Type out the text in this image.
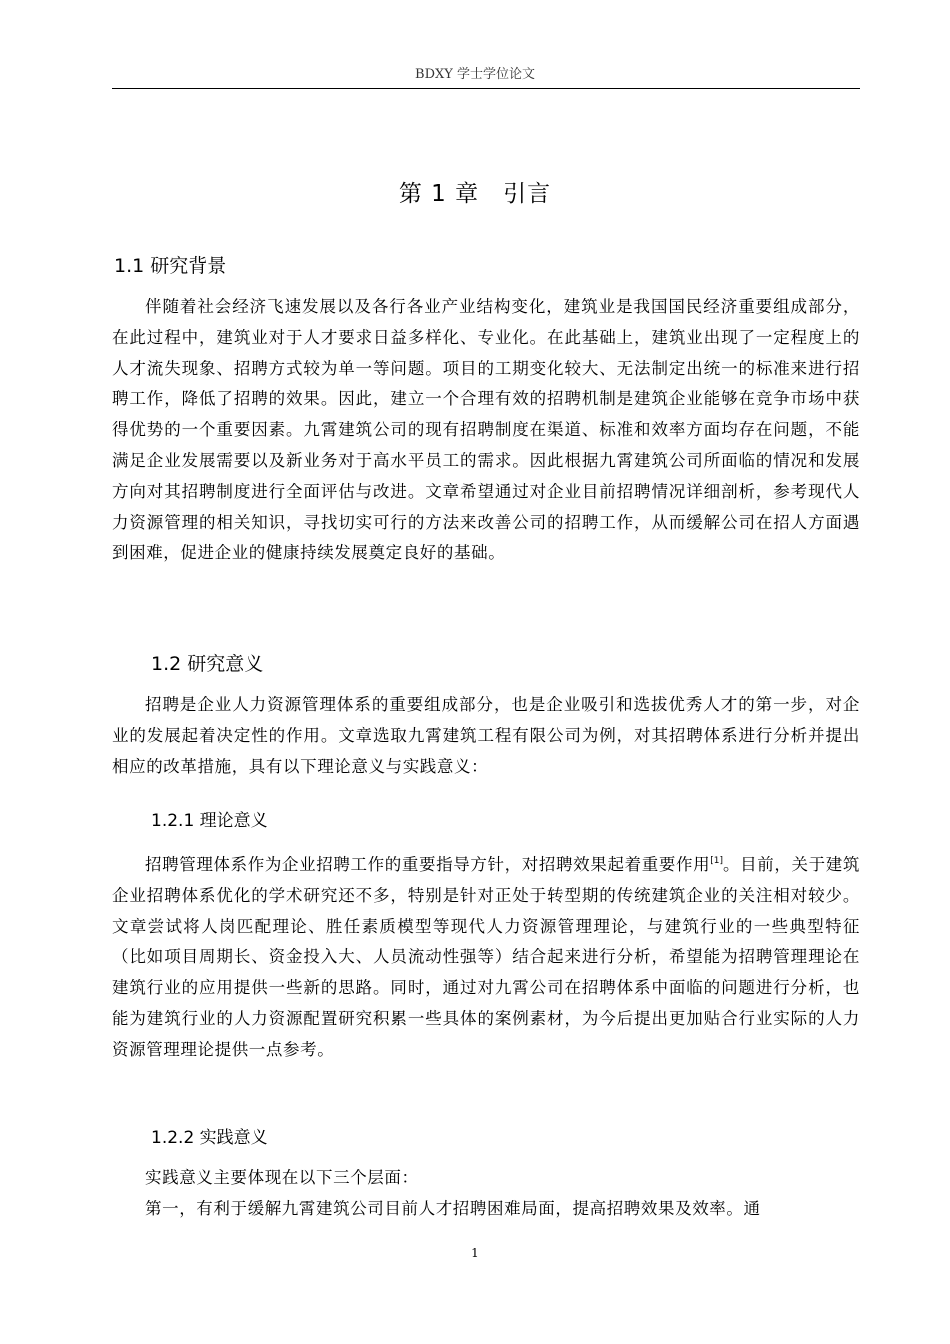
BDXY 学士学位论文
第 1 章　引言
1.1 研究背景

伴随着社会经济飞速发展以及各行各业产业结构变化，建筑业是我国国民经济重要组成部分，在此过程中，建筑业对于人才要求日益多样化、专业化。在此基础上，建筑业出现了一定程度上的人才流失现象、招聘方式较为单一等问题。项目的工期变化较大、无法制定出统一的标准来进行招聘工作，降低了招聘的效果。因此，建立一个合理有效的招聘机制是建筑企业能够在竞争市场中获得优势的一个重要因素。九霄建筑公司的现有招聘制度在渠道、标准和效率方面均存在问题，不能满足企业发展需要以及新业务对于高水平员工的需求。因此根据九霄建筑公司所面临的情况和发展方向对其招聘制度进行全面评估与改进。文章希望通过对企业目前招聘情况详细剖析，参考现代人力资源管理的相关知识，寻找切实可行的方法来改善公司的招聘工作，从而缓解公司在招人方面遇到困难，促进企业的健康持续发展奠定良好的基础。

1.2 研究意义

招聘是企业人力资源管理体系的重要组成部分，也是企业吸引和选拔优秀人才的第一步，对企业的发展起着决定性的作用。文章选取九霄建筑工程有限公司为例，对其招聘体系进行分析并提出相应的改革措施，具有以下理论意义与实践意义：

1.2.1 理论意义

招聘管理体系作为企业招聘工作的重要指导方针，对招聘效果起着重要作用[1]。目前，关于建筑企业招聘体系优化的学术研究还不多，特别是针对正处于转型期的传统建筑企业的关注相对较少。文章尝试将人岗匹配理论、胜任素质模型等现代人力资源管理理论，与建筑行业的一些典型特征（比如项目周期长、资金投入大、人员流动性强等）结合起来进行分析，希望能为招聘管理理论在建筑行业的应用提供一些新的思路。同时，通过对九霄公司在招聘体系中面临的问题进行分析，也能为建筑行业的人力资源配置研究积累一些具体的案例素材，为今后提出更加贴合行业实际的人力资源管理理论提供一点参考。

1.2.2 实践意义

实践意义主要体现在以下三个层面：

第一，有利于缓解九霄建筑公司目前人才招聘困难局面，提高招聘效果及效率。通

1
